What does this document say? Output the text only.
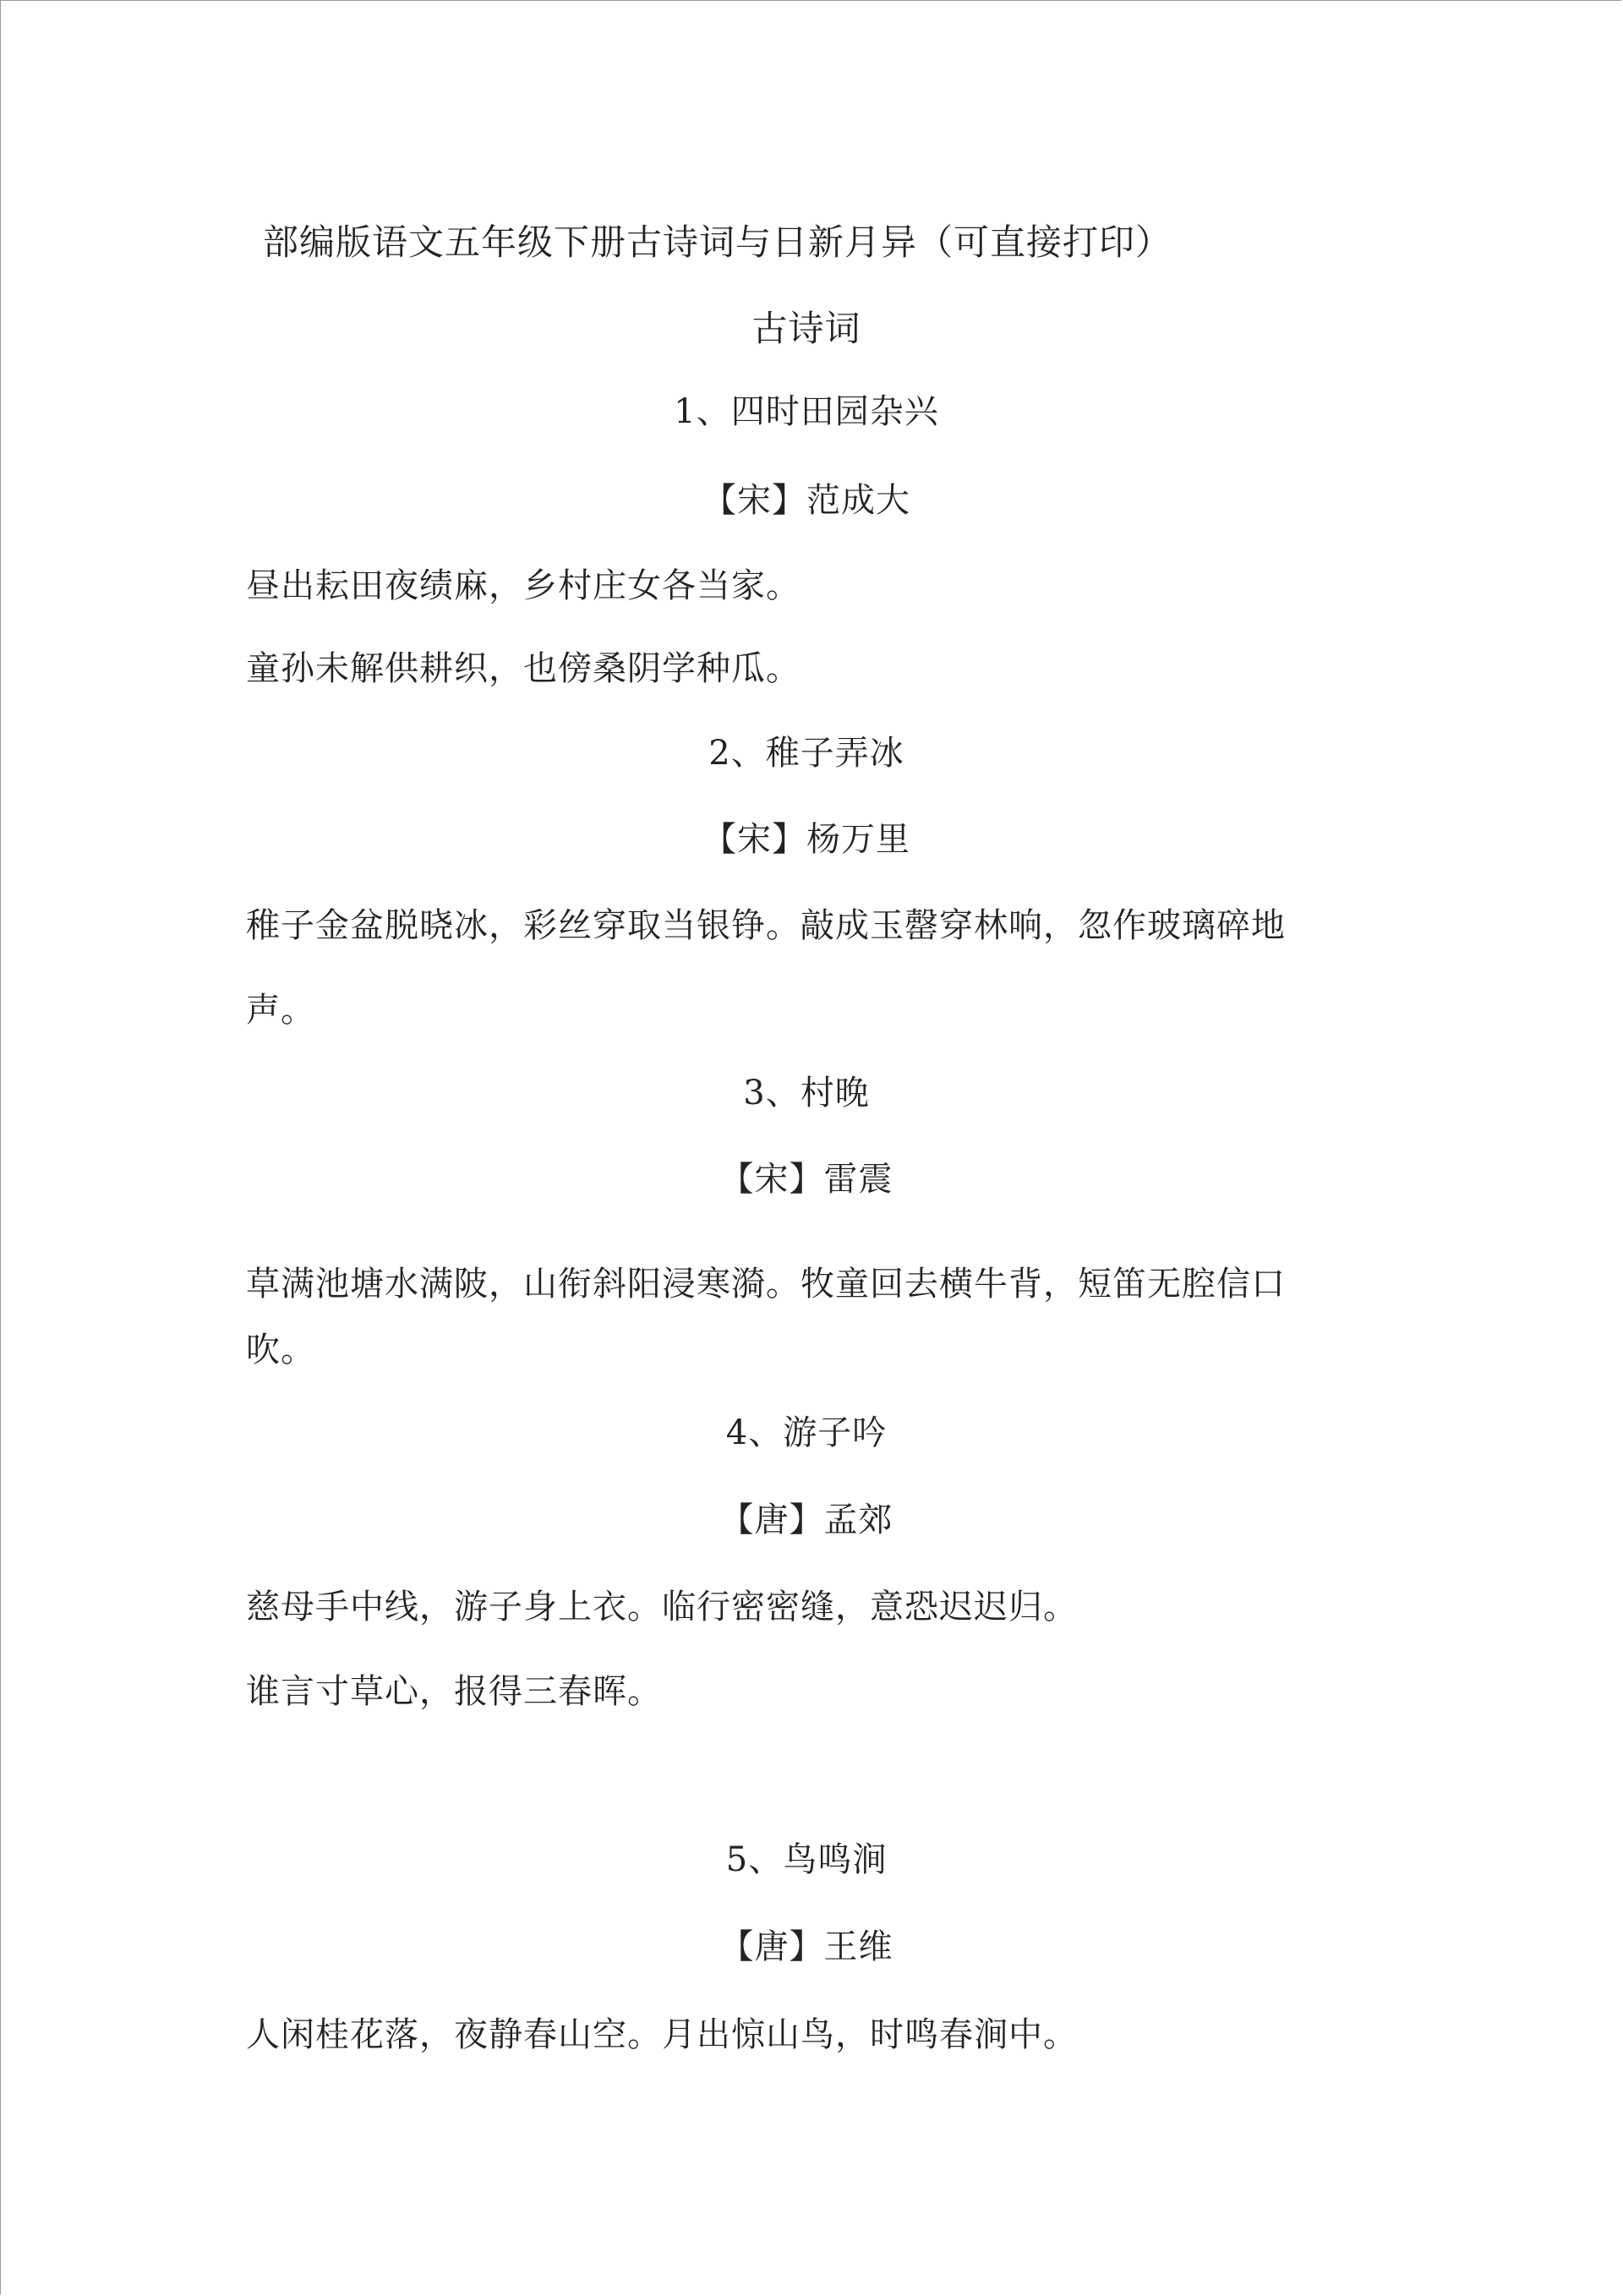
部编版语文五年级下册古诗词与日新月异（可直接打印）
古诗词
1、四时田园杂兴
【宋】范成大
昼出耘田夜绩麻，乡村庄女各当家。
童孙未解供耕织，也傍桑阴学种瓜。
2、稚子弄冰
【宋】杨万里
稚子金盆脱晓冰，彩丝穿取当银铮。敲成玉罄穿林响，忽作玻璃碎地
声。
3、村晚
【宋】雷震
草满池塘水满陂，山衔斜阳浸寒漪。牧童回去横牛背，短笛无腔信口
吹。
4、游子吟
【唐】孟郊
慈母手中线，游子身上衣。临行密密缝，意恐迟迟归。
谁言寸草心，报得三春晖。
5、鸟鸣涧
【唐】王维
人闲桂花落，夜静春山空。月出惊山鸟，时鸣春涧中。
